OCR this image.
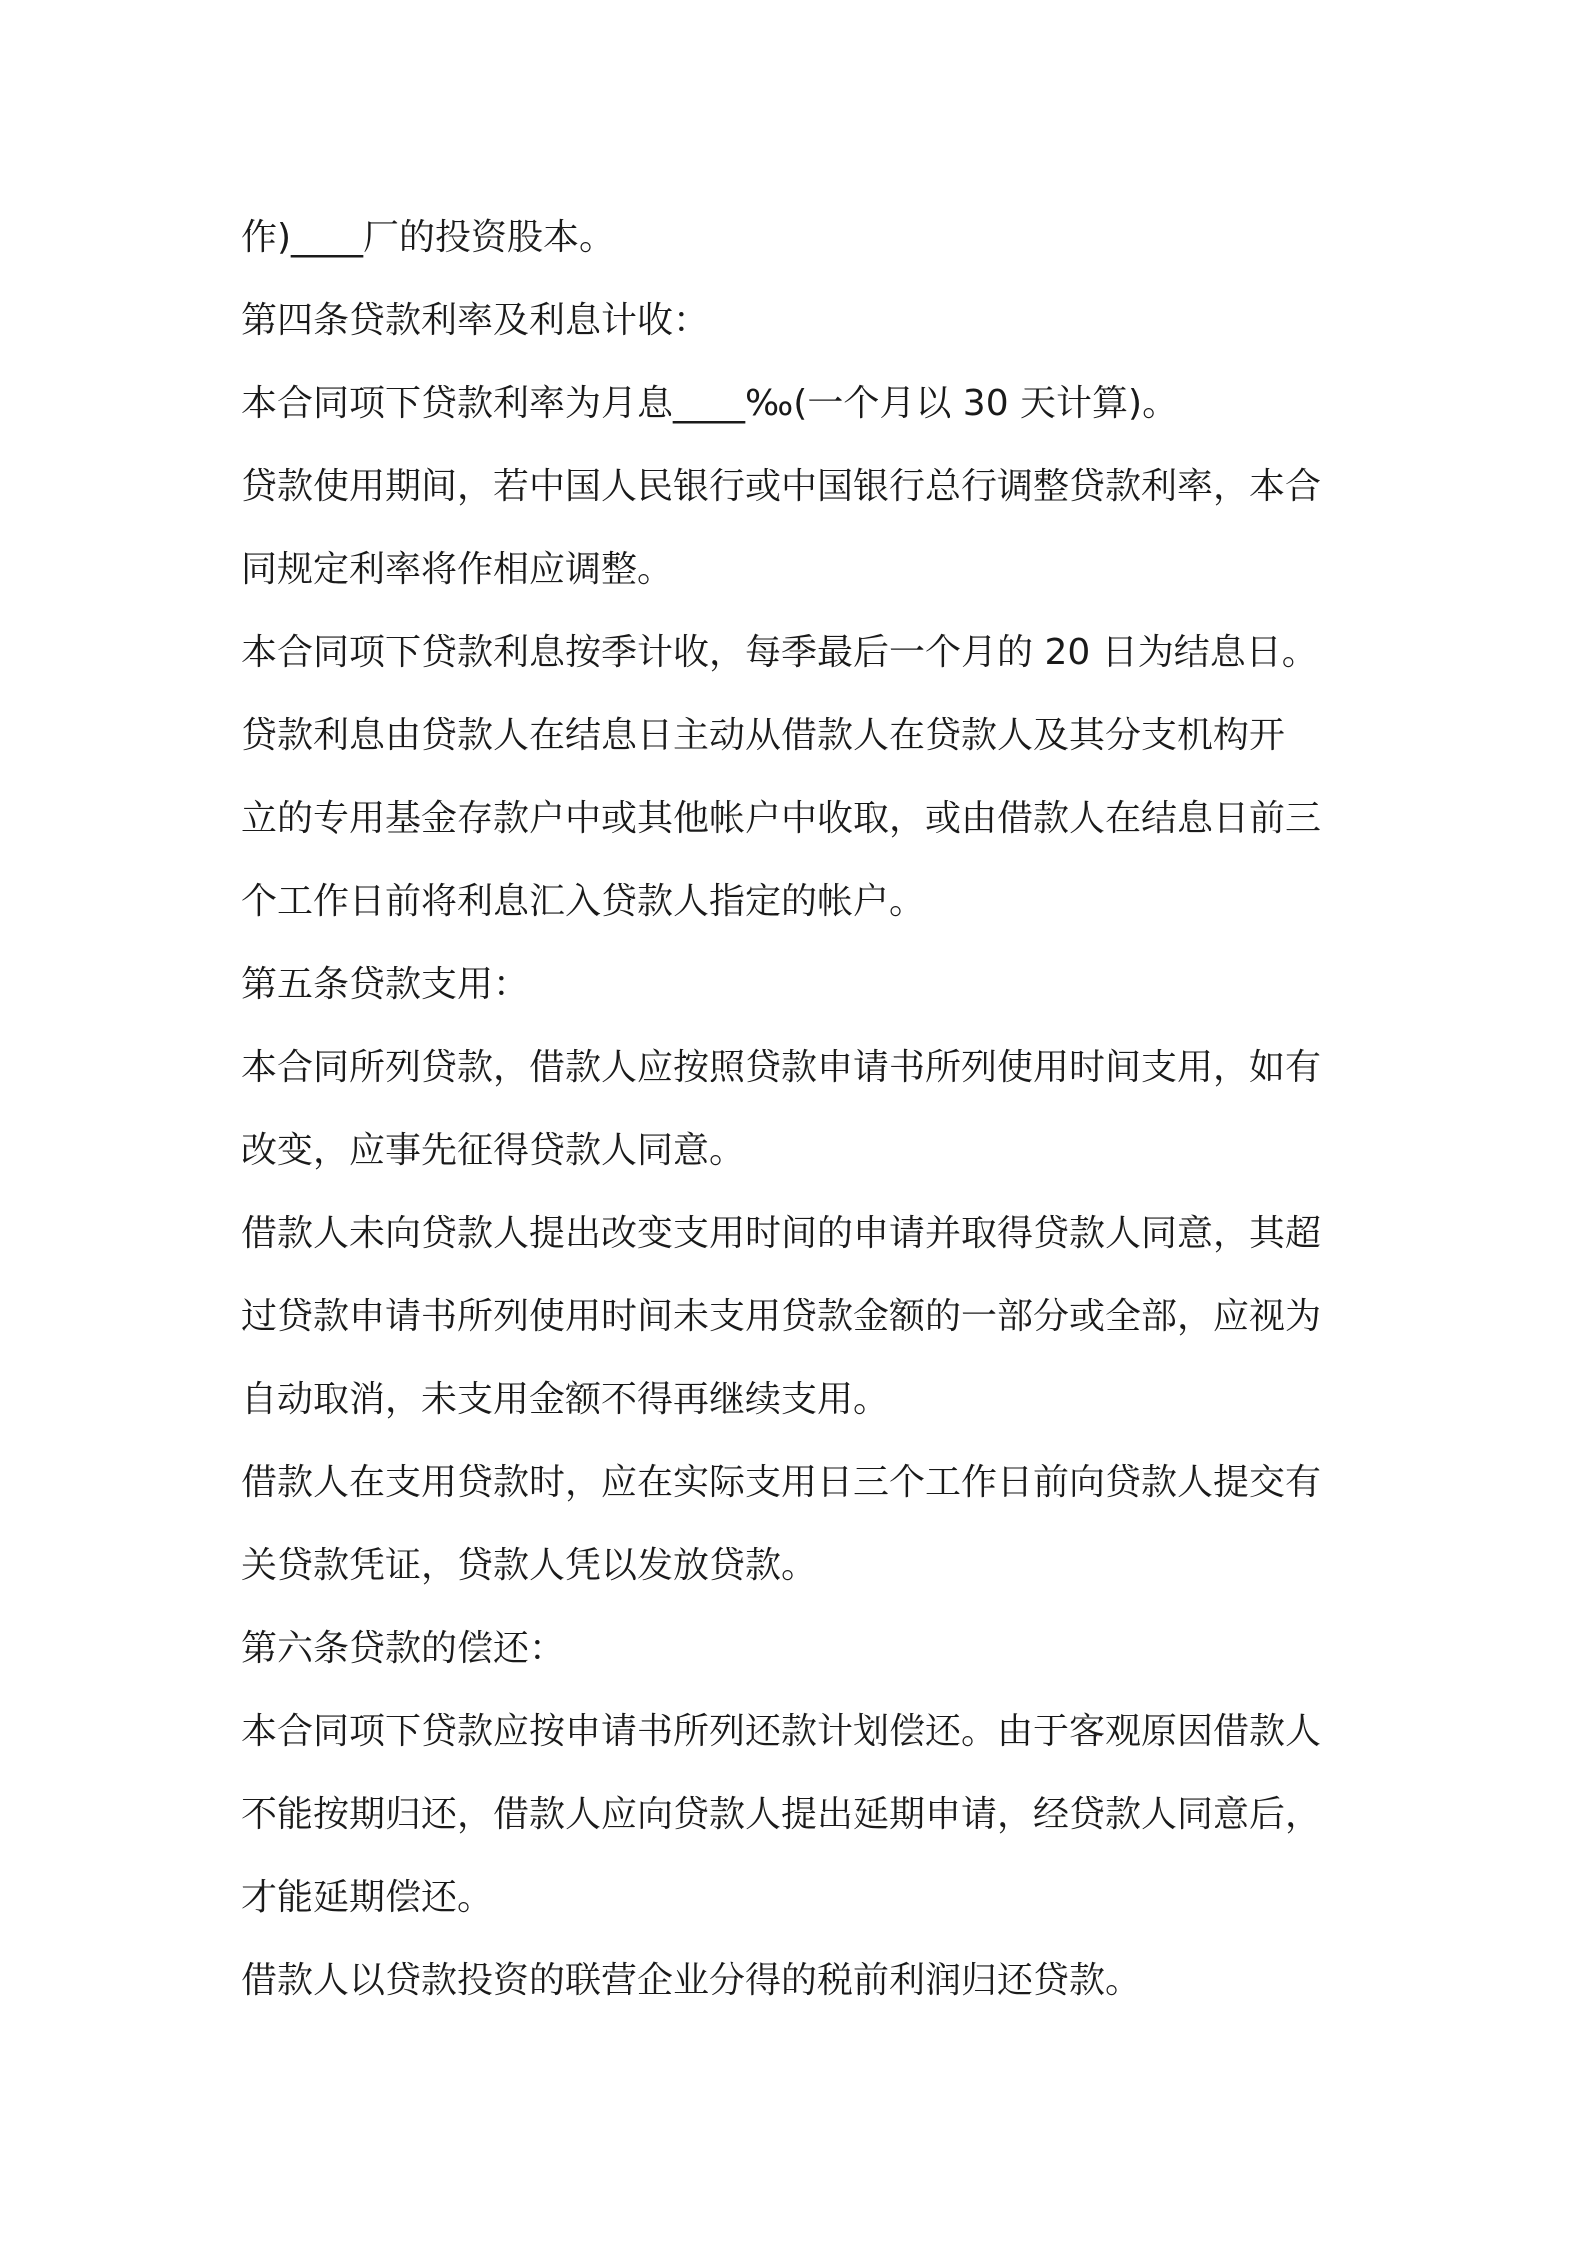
作)____厂的投资股本。

第四条贷款利率及利息计收：

本合同项下贷款利率为月息____‰(一个月以 30 天计算)。

贷款使用期间，若中国人民银行或中国银行总行调整贷款利率，本合

同规定利率将作相应调整。

本合同项下贷款利息按季计收，每季最后一个月的 20 日为结息日。

贷款利息由贷款人在结息日主动从借款人在贷款人及其分支机构开

立的专用基金存款户中或其他帐户中收取，或由借款人在结息日前三

个工作日前将利息汇入贷款人指定的帐户。

第五条贷款支用：

本合同所列贷款，借款人应按照贷款申请书所列使用时间支用，如有

改变，应事先征得贷款人同意。

借款人未向贷款人提出改变支用时间的申请并取得贷款人同意，其超

过贷款申请书所列使用时间未支用贷款金额的一部分或全部，应视为

自动取消，未支用金额不得再继续支用。

借款人在支用贷款时，应在实际支用日三个工作日前向贷款人提交有

关贷款凭证，贷款人凭以发放贷款。

第六条贷款的偿还：

本合同项下贷款应按申请书所列还款计划偿还。由于客观原因借款人

不能按期归还，借款人应向贷款人提出延期申请，经贷款人同意后，

才能延期偿还。

借款人以贷款投资的联营企业分得的税前利润归还贷款。
